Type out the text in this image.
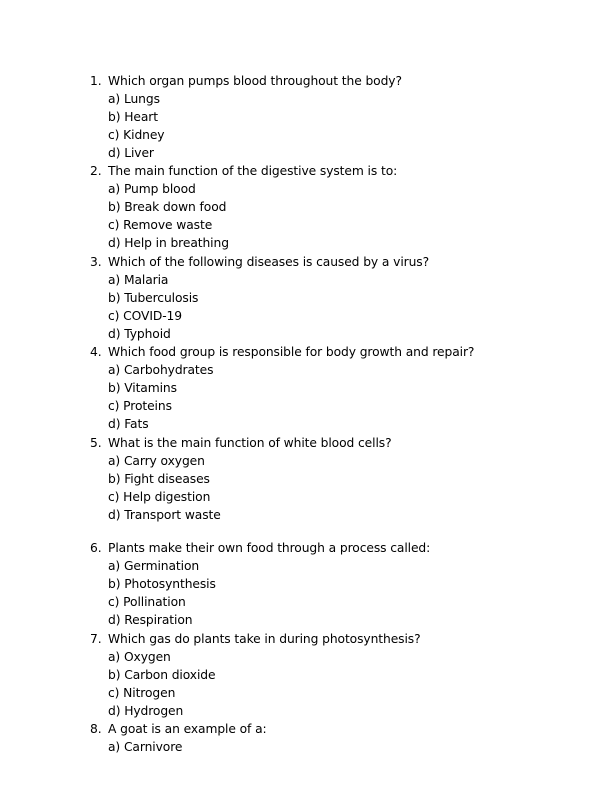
1. Which organ pumps blood throughout the body?
a) Lungs
b) Heart
c) Kidney
d) Liver
2. The main function of the digestive system is to:
a) Pump blood
b) Break down food
c) Remove waste
d) Help in breathing
3. Which of the following diseases is caused by a virus?
a) Malaria
b) Tuberculosis
c) COVID-19
d) Typhoid
4. Which food group is responsible for body growth and repair?
a) Carbohydrates
b) Vitamins
c) Proteins
d) Fats
5. What is the main function of white blood cells?
a) Carry oxygen
b) Fight diseases
c) Help digestion
d) Transport waste
6. Plants make their own food through a process called:
a) Germination
b) Photosynthesis
c) Pollination
d) Respiration
7. Which gas do plants take in during photosynthesis?
a) Oxygen
b) Carbon dioxide
c) Nitrogen
d) Hydrogen
8. A goat is an example of a:
a) Carnivore
